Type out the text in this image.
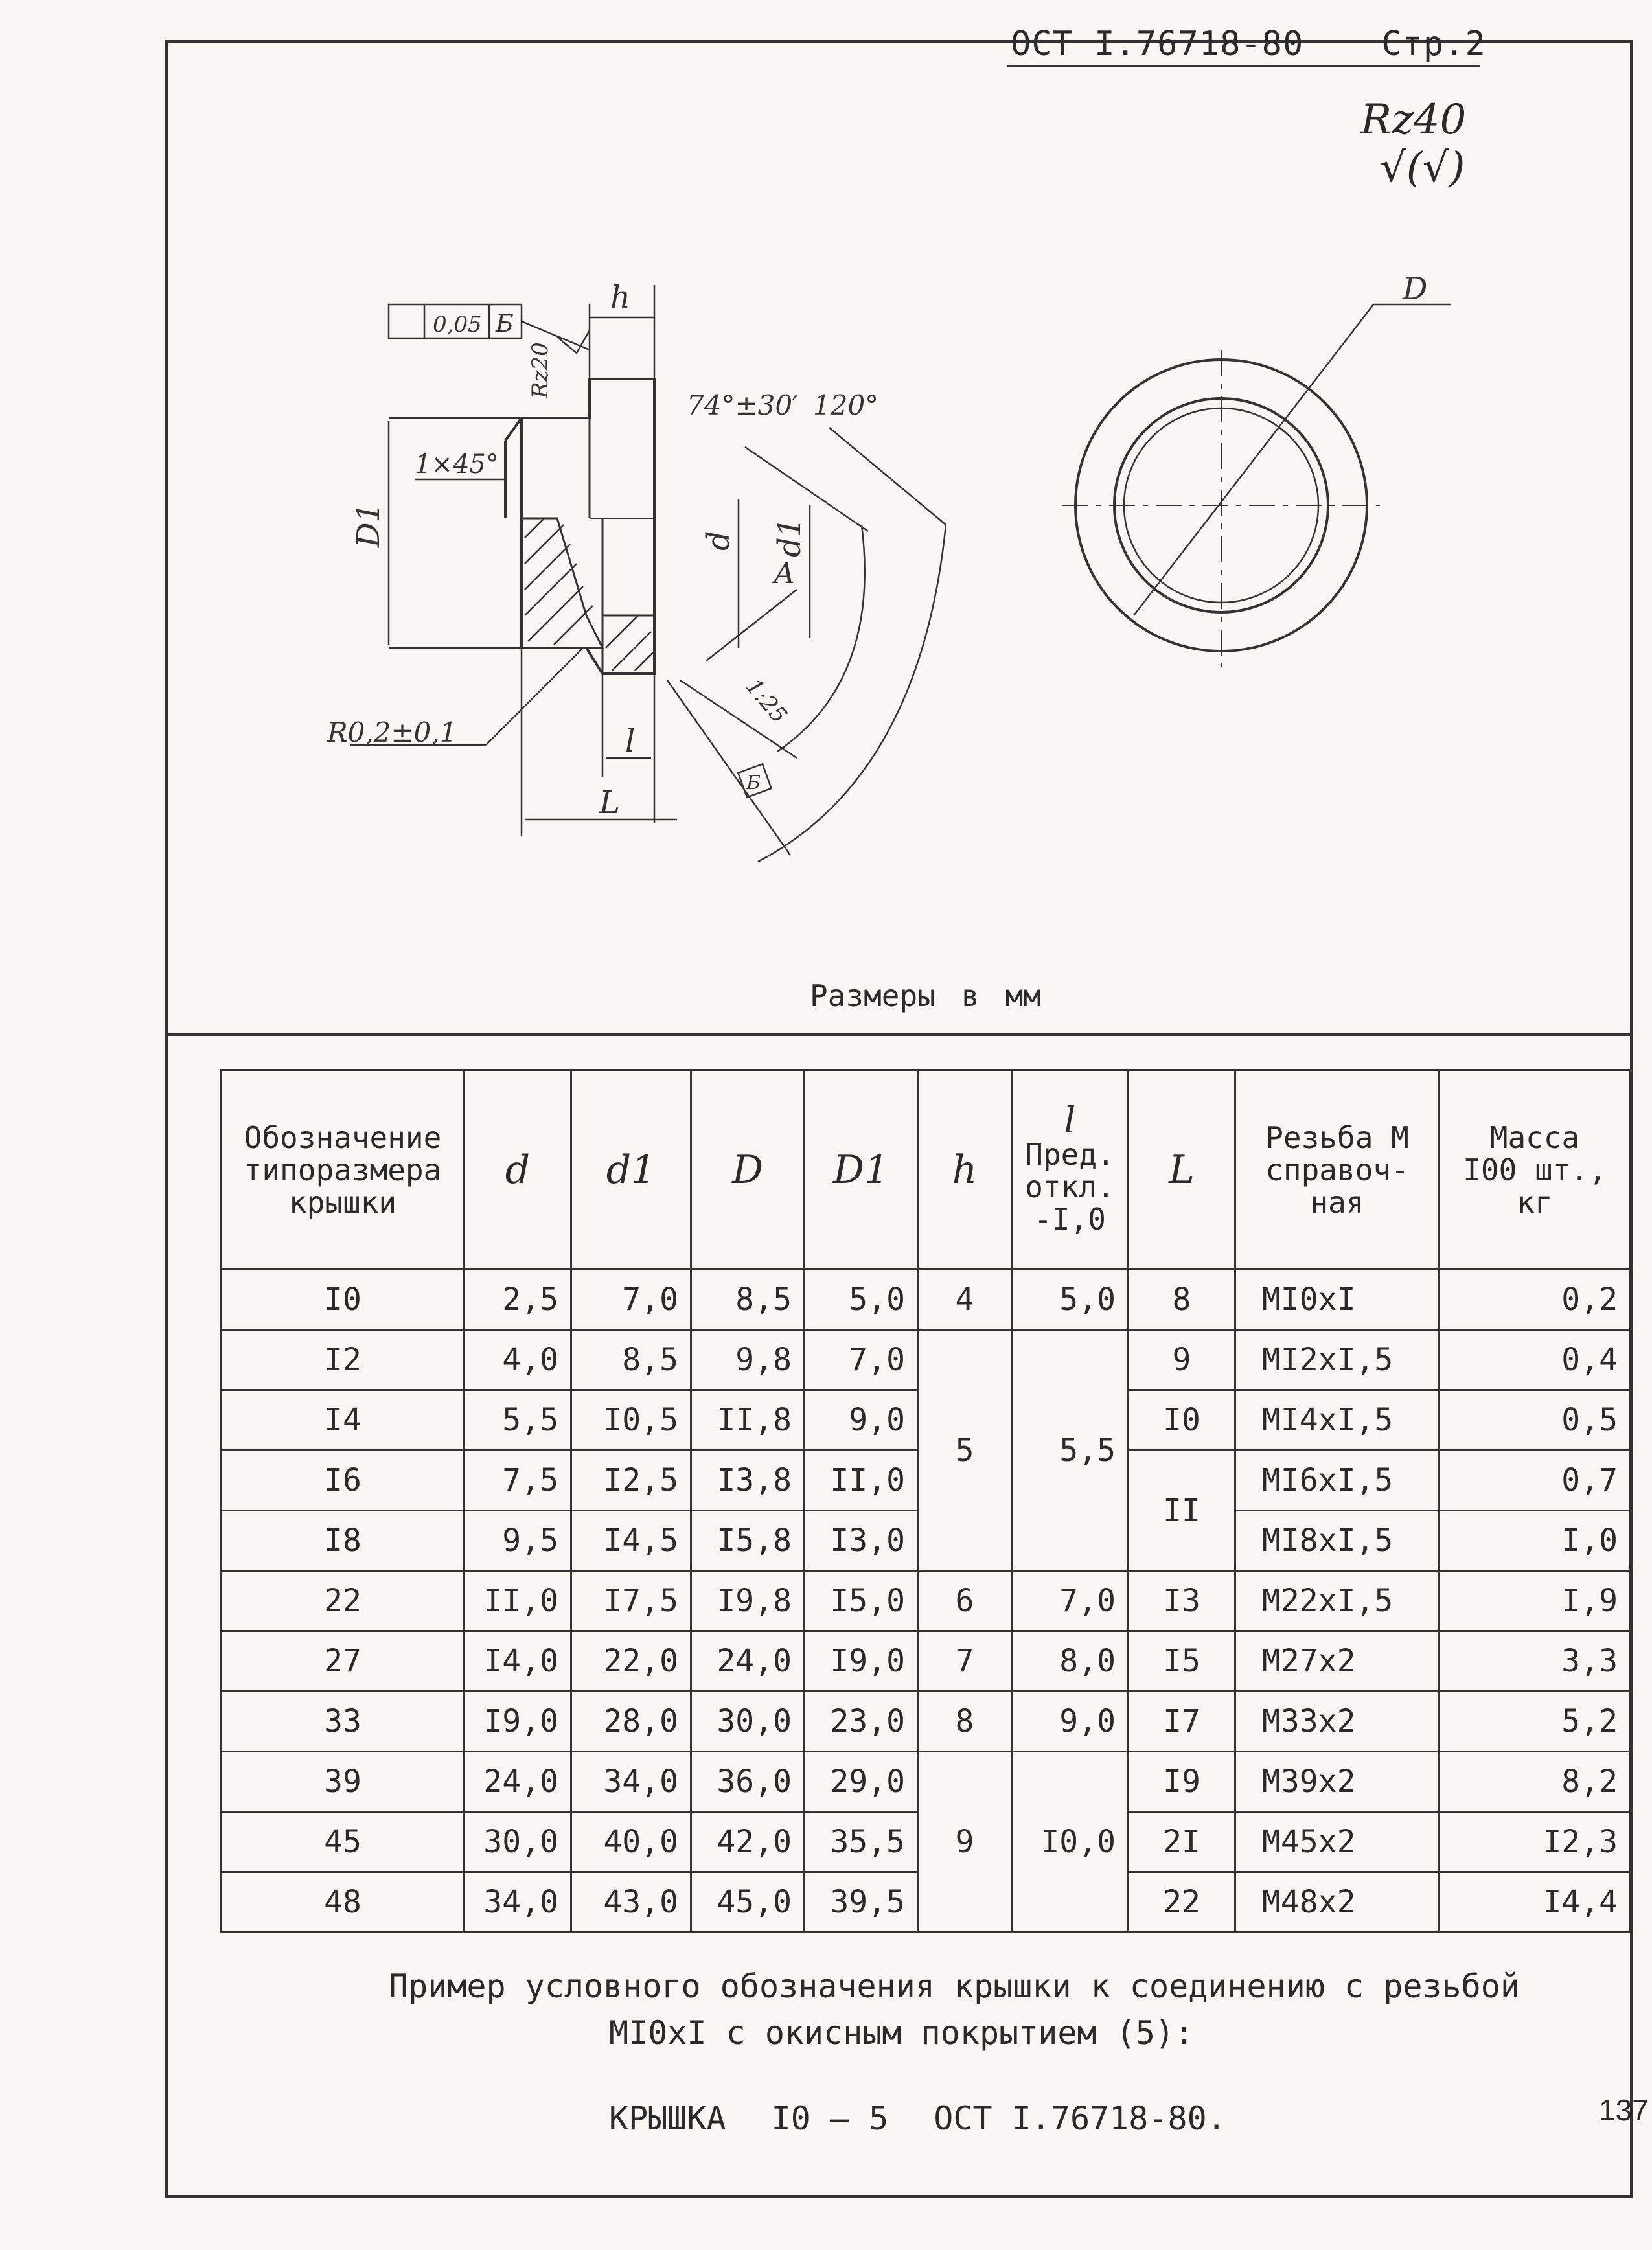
ОСТ I.76718-80 Стр.2
Rz40
√(√)
0,05 Б
h
Rz20
1×45°
D1	d d1
74°±30′ 120°
A
1:25
R0,2±0,1	l
L
Б
D
Размеры в мм
Обозначение
типоразмера
крышки	d	d1	D	D1	h	l
Пред.
откл.
-I,0	L	Резьба М
справоч-
ная	Масса
I00 шт.,
кг
I0	2,5	7,0	8,5	5,0	4	5,0	8	МI0xI	0,2
I2	4,0	8,5	9,8	7,0	5	5,5	9	МI2xI,5	0,4
I4	5,5	I0,5	II,8	9,0			I0	МI4xI,5	0,5
I6	7,5	I2,5	I3,8	II,0			II	МI6xI,5	0,7
I8	9,5	I4,5	I5,8	I3,0				МI8xI,5	I,0
22	II,0	I7,5	I9,8	I5,0	6	7,0	I3	М22xI,5	I,9
27	I4,0	22,0	24,0	I9,0	7	8,0	I5	М27x2	3,3
33	I9,0	28,0	30,0	23,0	8	9,0	I7	М33x2	5,2
39	24,0	34,0	36,0	29,0	9	I0,0	I9	М39x2	8,2
45	30,0	40,0	42,0	35,5			2I	М45x2	I2,3
48	34,0	43,0	45,0	39,5			22	М48x2	I4,4
Пример условного обозначения крышки к соединению с резьбой
МI0xI с окисным покрытием (5):
КРЫШКА I0 – 5 ОСТ I.76718-80.	137
